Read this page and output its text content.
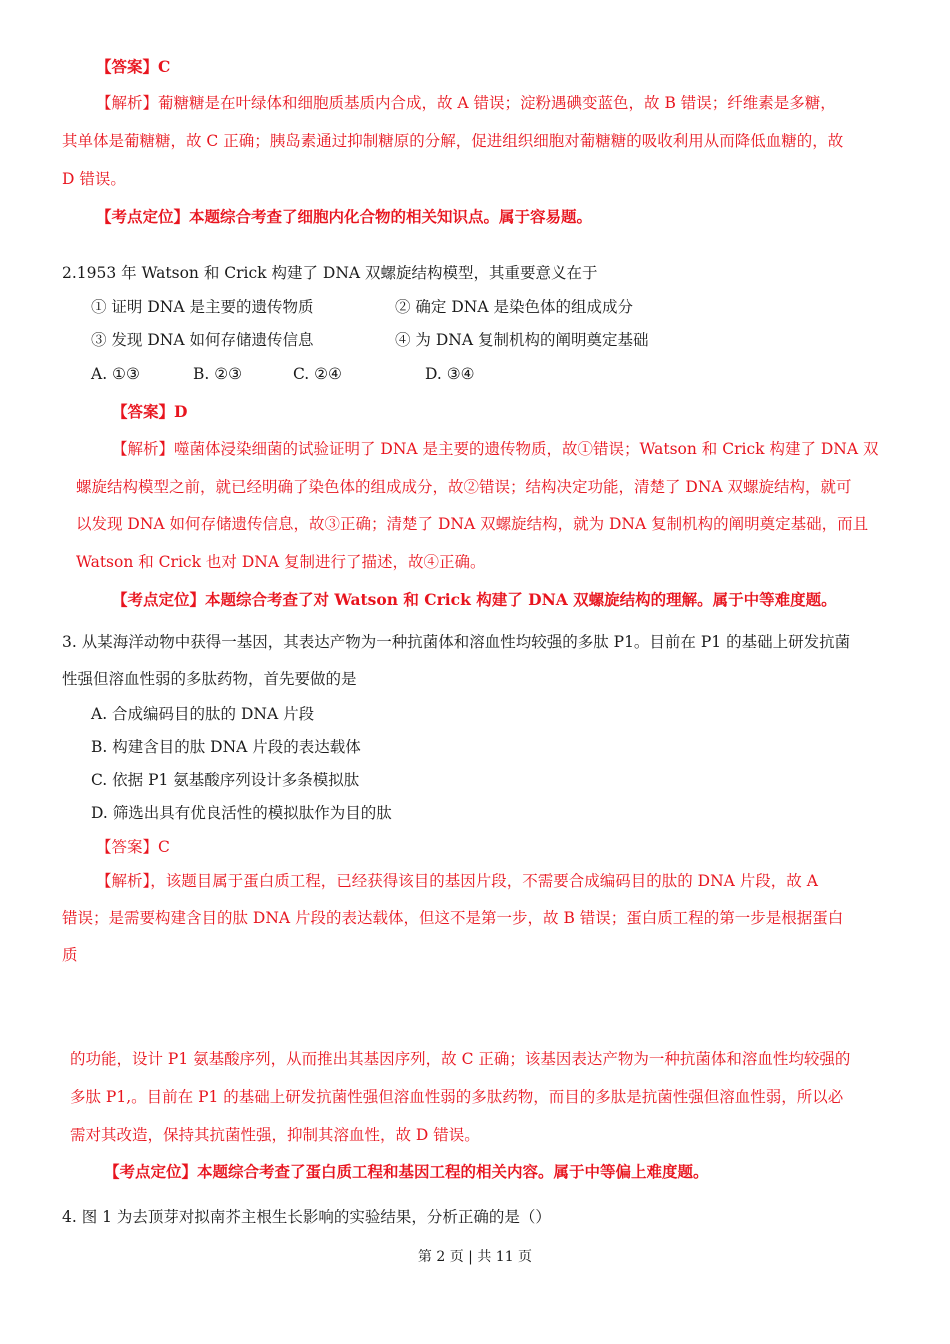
【答案】C
【解析】葡糖糖是在叶绿体和细胞质基质内合成，故 A 错误；淀粉遇碘变蓝色，故 B 错误；纤维素是多糖，
其单体是葡糖糖，故 C 正确；胰岛素通过抑制糖原的分解，促进组织细胞对葡糖糖的吸收利用从而降低血糖的，故
D 错误。
【考点定位】本题综合考查了细胞内化合物的相关知识点。属于容易题。
2.1953 年 Watson 和 Crick 构建了 DNA 双螺旋结构模型，其重要意义在于
① 证明 DNA 是主要的遗传物质	② 确定 DNA 是染色体的组成成分
③ 发现 DNA 如何存储遗传信息	④ 为 DNA 复制机构的阐明奠定基础
A. ①③	B. ②③	C. ②④	D. ③④
【答案】D
【解析】噬菌体浸染细菌的试验证明了 DNA 是主要的遗传物质，故①错误；Watson 和 Crick 构建了 DNA 双
螺旋结构模型之前，就已经明确了染色体的组成成分，故②错误；结构决定功能，清楚了 DNA 双螺旋结构，就可
以发现 DNA 如何存储遗传信息，故③正确；清楚了 DNA 双螺旋结构，就为 DNA 复制机构的阐明奠定基础，而且
Watson 和 Crick 也对 DNA 复制进行了描述，故④正确。
【考点定位】本题综合考查了对 Watson 和 Crick 构建了 DNA 双螺旋结构的理解。属于中等难度题。
3. 从某海洋动物中获得一基因，其表达产物为一种抗菌体和溶血性均较强的多肽 P1。目前在 P1 的基础上研发抗菌
性强但溶血性弱的多肽药物，首先要做的是
A. 合成编码目的肽的 DNA 片段
B. 构建含目的肽 DNA 片段的表达载体
C. 依据 P1 氨基酸序列设计多条模拟肽
D. 筛选出具有优良活性的模拟肽作为目的肽
【答案】C
【解析】，该题目属于蛋白质工程，已经获得该目的基因片段，不需要合成编码目的肽的 DNA 片段，故 A
错误；是需要构建含目的肽 DNA 片段的表达载体，但这不是第一步，故 B 错误；蛋白质工程的第一步是根据蛋白
质
的功能，设计 P1 氨基酸序列，从而推出其基因序列，故 C 正确；该基因表达产物为一种抗菌体和溶血性均较强的
多肽 P1,。目前在 P1 的基础上研发抗菌性强但溶血性弱的多肽药物，而目的多肽是抗菌性强但溶血性弱，所以必
需对其改造，保持其抗菌性强，抑制其溶血性，故 D 错误。
【考点定位】本题综合考查了蛋白质工程和基因工程的相关内容。属于中等偏上难度题。
4. 图 1 为去顶芽对拟南芥主根生长影响的实验结果，分析正确的是（）
第 2 页 | 共 11 页
